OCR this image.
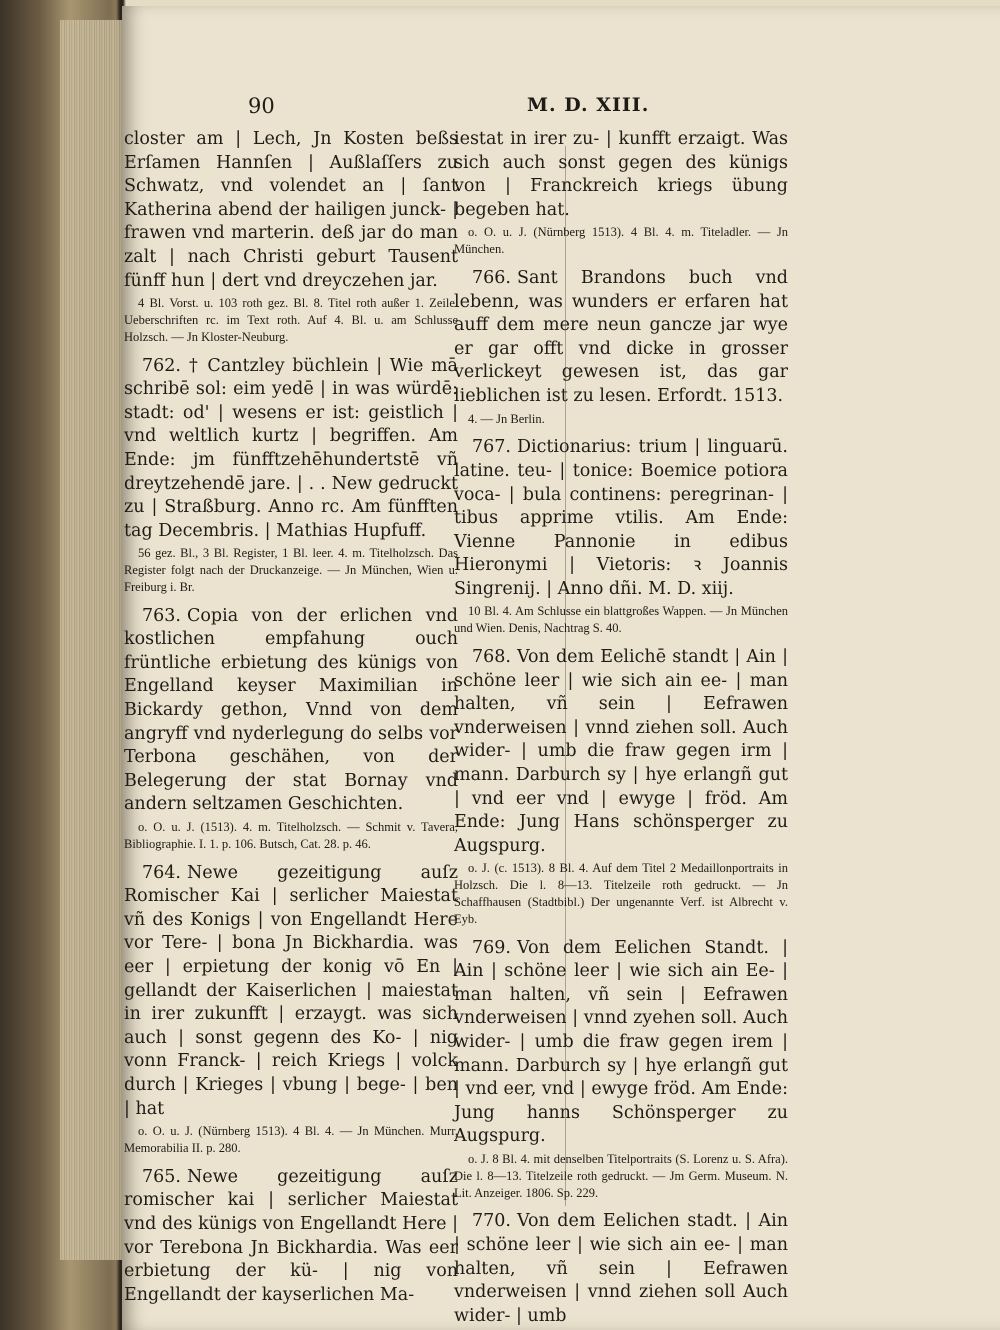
90	M. D. XIII.

closter am | Lech, Jn Kosten beßs Erſamen Hannſen | Außlaſſers zu Schwatz, vnd volendet an | ſant Katherina abend der hailigen junck- | frawen vnd marterin. deß jar do man zalt | nach Christi geburt Tausent fünff hun | dert vnd dreyczehen jar.

4 Bl. Vorst. u. 103 roth gez. Bl. 8. Titel roth außer 1. Zeile. Ueberschriften rc. im Text roth. Auf 4. Bl. u. am Schlusse Holzsch. — Jn Kloster-Neuburg.

762. † Cantzley büchlein | Wie mā schribē sol: eim yedē | in was würdē: stadt: od' | wesens er ist: geistlich | vnd weltlich kurtz | begriffen. Am Ende: jm fünfftzehēhundertstē vñ dreytzehendē jare. | . . New gedruckt zu | Straßburg. Anno rc. Am fünfften tag Decembris. | Mathias Hupfuff.

56 gez. Bl., 3 Bl. Register, 1 Bl. leer. 4. m. Titelholzsch. Das Register folgt nach der Druckanzeige. — Jn München, Wien u. Freiburg i. Br.

763. Copia von der erlichen vnd kostlichen empfahung ouch früntliche erbietung des künigs von Engelland keyser Maximilian in Bickardy gethon, Vnnd von dem angryff vnd nyderlegung do selbs vor Terbona geschähen, von der Belegerung der stat Bornay vnd andern seltzamen Geschichten.

o. O. u. J. (1513). 4. m. Titelholzsch. — Schmit v. Tavera, Bibliographie. I. 1. p. 106. Butsch, Cat. 28. p. 46.

764. Newe gezeitigung auſz Romischer Kai | serlicher Maiestat vñ des Konigs | von Engellandt Here vor Tere- | bona Jn Bickhardia. was eer | erpietung der konig vō En | gellandt der Kaiserlichen | maiestat in irer zukunfft | erzaygt. was sich auch | sonst gegenn des Ko- | nig vonn Franck- | reich Kriegs | volck durch | Krieges | vbung | bege- | ben | hat

o. O. u. J. (Nürnberg 1513). 4 Bl. 4. — Jn München. Murr, Memorabilia II. p. 280.

765. Newe gezeitigung auſz romischer kai | serlicher Maiestat vnd des künigs von Engellandt Here | vor Terebona Jn Bickhardia. Was eer erbietung der kü- | nig von Engellandt der kayserlichen Ma-

iestat in irer zu- | kunfft erzaigt. Was sich auch sonst gegen des künigs von | Franckreich kriegs übung begeben hat.

o. O. u. J. (Nürnberg 1513). 4 Bl. 4. m. Titeladler. — Jn München.

766. Sant Brandons buch vnd lebenn, was wunders er erfaren hat auff dem mere neun gancze jar wye er gar offt vnd dicke in grosser verlickeyt gewesen ist, das gar lieblichen ist zu lesen. Erfordt. 1513.

4. — Jn Berlin.

767. Dictionarius: trium | linguarū. latine. teu- | tonice: Boemice potiora voca- | bula continens: peregrinan- | tibus apprime vtilis. Am Ende: Vienne Pannonie in edibus Hieronymi | Vietoris: ꝛ Joannis Singrenij. | Anno dñi. M. D. xiij.

10 Bl. 4. Am Schlusse ein blattgroßes Wappen. — Jn München und Wien. Denis, Nachtrag S. 40.

768. Von dem Eelichē standt | Ain | schöne leer | wie sich ain ee- | man halten, vñ sein | Eefrawen vnderweisen | vnnd ziehen soll. Auch wider- | umb die fraw gegen irm | mann. Darburch sy | hye erlangñ gut | vnd eer vnd | ewyge | fröd. Am Ende: Jung Hans schönsperger zu Augspurg.

o. J. (c. 1513). 8 Bl. 4. Auf dem Titel 2 Medaillonportraits in Holzsch. Die l. 8—13. Titelzeile roth gedruckt. — Jn Schaffhausen (Stadtbibl.) Der ungenannte Verf. ist Albrecht v. Eyb.

769. Von dem Eelichen Standt. | Ain | schöne leer | wie sich ain Ee- | man halten, vñ sein | Eefrawen vnderweisen | vnnd zyehen soll. Auch wider- | umb die fraw gegen irem | mann. Darburch sy | hye erlangñ gut | vnd eer, vnd | ewyge fröd. Am Ende: Jung hanns Schönsperger zu Augspurg.

o. J. 8 Bl. 4. mit denselben Titelportraits (S. Lorenz u. S. Afra). Die l. 8—13. Titelzeile roth gedruckt. — Jm Germ. Museum. N. Lit. Anzeiger. 1806. Sp. 229.

770. Von dem Eelichen stadt. | Ain | schöne leer | wie sich ain ee- | man halten, vñ sein | Eefrawen vnderweisen | vnnd ziehen soll Auch wider- | umb
